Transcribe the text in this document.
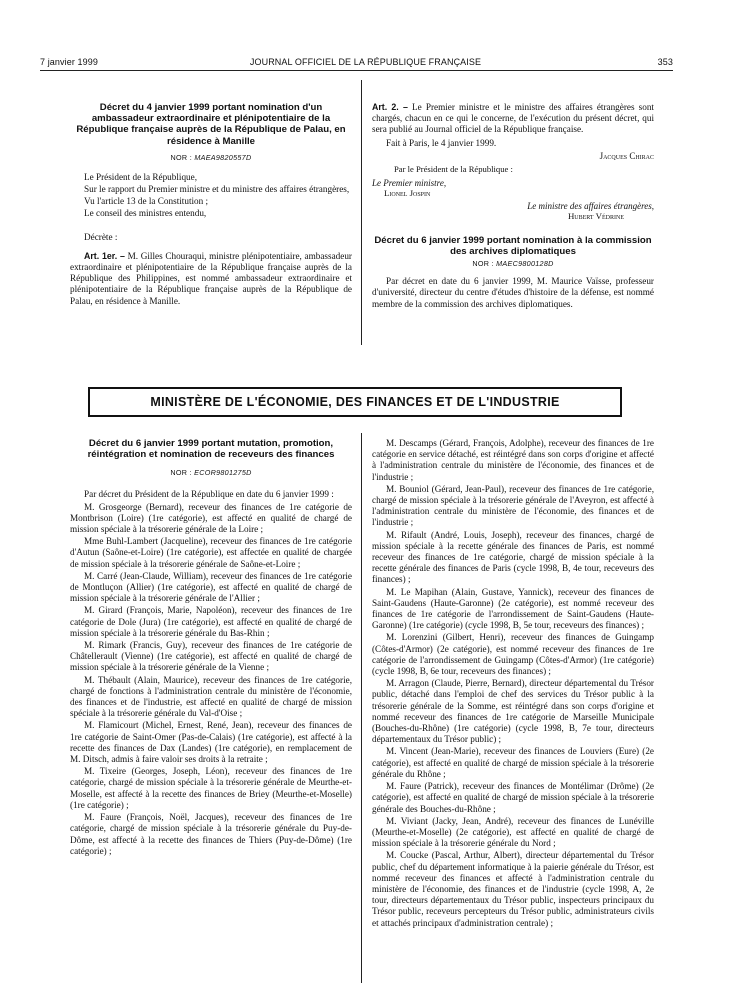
7 janvier 1999	JOURNAL OFFICIEL DE LA RÉPUBLIQUE FRANÇAISE	353
Décret du 4 janvier 1999 portant nomination d'un ambassadeur extraordinaire et plénipotentiaire de la République française auprès de la République de Palau, en résidence à Manille
NOR : MAEA9820557D

Le Président de la République,

Sur le rapport du Premier ministre et du ministre des affaires étrangères,

Vu l'article 13 de la Constitution ;

Le conseil des ministres entendu,

Décrète :

Art. 1er. – M. Gilles Chouraqui, ministre plénipotentiaire, ambassadeur extraordinaire et plénipotentiaire de la République française auprès de la République des Philippines, est nommé ambassadeur extraordinaire et plénipotentiaire de la République française auprès de la République de Palau, en résidence à Manille.

Art. 2. – Le Premier ministre et le ministre des affaires étrangères sont chargés, chacun en ce qui le concerne, de l'exécution du présent décret, qui sera publié au Journal officiel de la République française.

Fait à Paris, le 4 janvier 1999.

Jacques Chirac
Par le Président de la République :
Le Premier ministre,
Lionel Jospin
Le ministre des affaires étrangères,
Hubert Védrine
Décret du 6 janvier 1999 portant nomination à la commission des archives diplomatiques
NOR : MAEC9800128D

Par décret en date du 6 janvier 1999, M. Maurice Vaïsse, professeur d'université, directeur du centre d'études d'histoire de la défense, est nommé membre de la commission des archives diplomatiques.

MINISTÈRE DE L'ÉCONOMIE, DES FINANCES ET DE L'INDUSTRIE
Décret du 6 janvier 1999 portant mutation, promotion, réintégration et nomination de receveurs des finances
NOR : ECOR9801275D

Par décret du Président de la République en date du 6 janvier 1999 :

M. Grosgeorge (Bernard), receveur des finances de 1re catégorie de Montbrison (Loire) (1re catégorie), est affecté en qualité de chargé de mission spéciale à la trésorerie générale de la Loire ;

Mme Buhl-Lambert (Jacqueline), receveur des finances de 1re catégorie d'Autun (Saône-et-Loire) (1re catégorie), est affectée en qualité de chargée de mission spéciale à la trésorerie générale de Saône-et-Loire ;

M. Carré (Jean-Claude, William), receveur des finances de 1re catégorie de Montluçon (Allier) (1re catégorie), est affecté en qualité de chargé de mission spéciale à la trésorerie générale de l'Allier ;

M. Girard (François, Marie, Napoléon), receveur des finances de 1re catégorie de Dole (Jura) (1re catégorie), est affecté en qualité de chargé de mission spéciale à la trésorerie générale du Bas-Rhin ;

M. Rimark (Francis, Guy), receveur des finances de 1re catégorie de Châtellerault (Vienne) (1re catégorie), est affecté en qualité de chargé de mission spéciale à la trésorerie générale de la Vienne ;

M. Thébault (Alain, Maurice), receveur des finances de 1re catégorie, chargé de fonctions à l'administration centrale du ministère de l'économie, des finances et de l'industrie, est affecté en qualité de chargé de mission spéciale à la trésorerie générale du Val-d'Oise ;

M. Flamicourt (Michel, Ernest, René, Jean), receveur des finances de 1re catégorie de Saint-Omer (Pas-de-Calais) (1re catégorie), est affecté à la recette des finances de Dax (Landes) (1re catégorie), en remplacement de M. Ditsch, admis à faire valoir ses droits à la retraite ;

M. Tixeire (Georges, Joseph, Léon), receveur des finances de 1re catégorie, chargé de mission spéciale à la trésorerie générale de Meurthe-et-Moselle, est affecté à la recette des finances de Briey (Meurthe-et-Moselle) (1re catégorie) ;

M. Faure (François, Noël, Jacques), receveur des finances de 1re catégorie, chargé de mission spéciale à la trésorerie générale du Puy-de-Dôme, est affecté à la recette des finances de Thiers (Puy-de-Dôme) (1re catégorie) ;

M. Descamps (Gérard, François, Adolphe), receveur des finances de 1re catégorie en service détaché, est réintégré dans son corps d'origine et affecté à l'administration centrale du ministère de l'économie, des finances et de l'industrie ;

M. Bouniol (Gérard, Jean-Paul), receveur des finances de 1re catégorie, chargé de mission spéciale à la trésorerie générale de l'Aveyron, est affecté à l'administration centrale du ministère de l'économie, des finances et de l'industrie ;

M. Rifault (André, Louis, Joseph), receveur des finances, chargé de mission spéciale à la recette générale des finances de Paris, est nommé receveur des finances de 1re catégorie, chargé de mission spéciale à la recette générale des finances de Paris (cycle 1998, B, 4e tour, receveurs des finances) ;

M. Le Mapihan (Alain, Gustave, Yannick), receveur des finances de Saint-Gaudens (Haute-Garonne) (2e catégorie), est nommé receveur des finances de 1re catégorie de l'arrondissement de Saint-Gaudens (Haute-Garonne) (1re catégorie) (cycle 1998, B, 5e tour, receveurs des finances) ;

M. Lorenzini (Gilbert, Henri), receveur des finances de Guingamp (Côtes-d'Armor) (2e catégorie), est nommé receveur des finances de 1re catégorie de l'arrondissement de Guingamp (Côtes-d'Armor) (1re catégorie) (cycle 1998, B, 6e tour, receveurs des finances) ;

M. Arragon (Claude, Pierre, Bernard), directeur départemental du Trésor public, détaché dans l'emploi de chef des services du Trésor public à la trésorerie générale de la Somme, est réintégré dans son corps d'origine et nommé receveur des finances de 1re catégorie de Marseille Municipale (Bouches-du-Rhône) (1re catégorie) (cycle 1998, B, 7e tour, directeurs départementaux du Trésor public) ;

M. Vincent (Jean-Marie), receveur des finances de Louviers (Eure) (2e catégorie), est affecté en qualité de chargé de mission spéciale à la trésorerie générale du Rhône ;

M. Faure (Patrick), receveur des finances de Montélimar (Drôme) (2e catégorie), est affecté en qualité de chargé de mission spéciale à la trésorerie générale des Bouches-du-Rhône ;

M. Viviant (Jacky, Jean, André), receveur des finances de Lunéville (Meurthe-et-Moselle) (2e catégorie), est affecté en qualité de chargé de mission spéciale à la trésorerie générale du Nord ;

M. Coucke (Pascal, Arthur, Albert), directeur départemental du Trésor public, chef du département informatique à la paierie générale du Trésor, est nommé receveur des finances et affecté à l'administration centrale du ministère de l'économie, des finances et de l'industrie (cycle 1998, A, 2e tour, directeurs départementaux du Trésor public, inspecteurs principaux du Trésor public, receveurs percepteurs du Trésor public, administrateurs civils et attachés principaux d'administration centrale) ;
